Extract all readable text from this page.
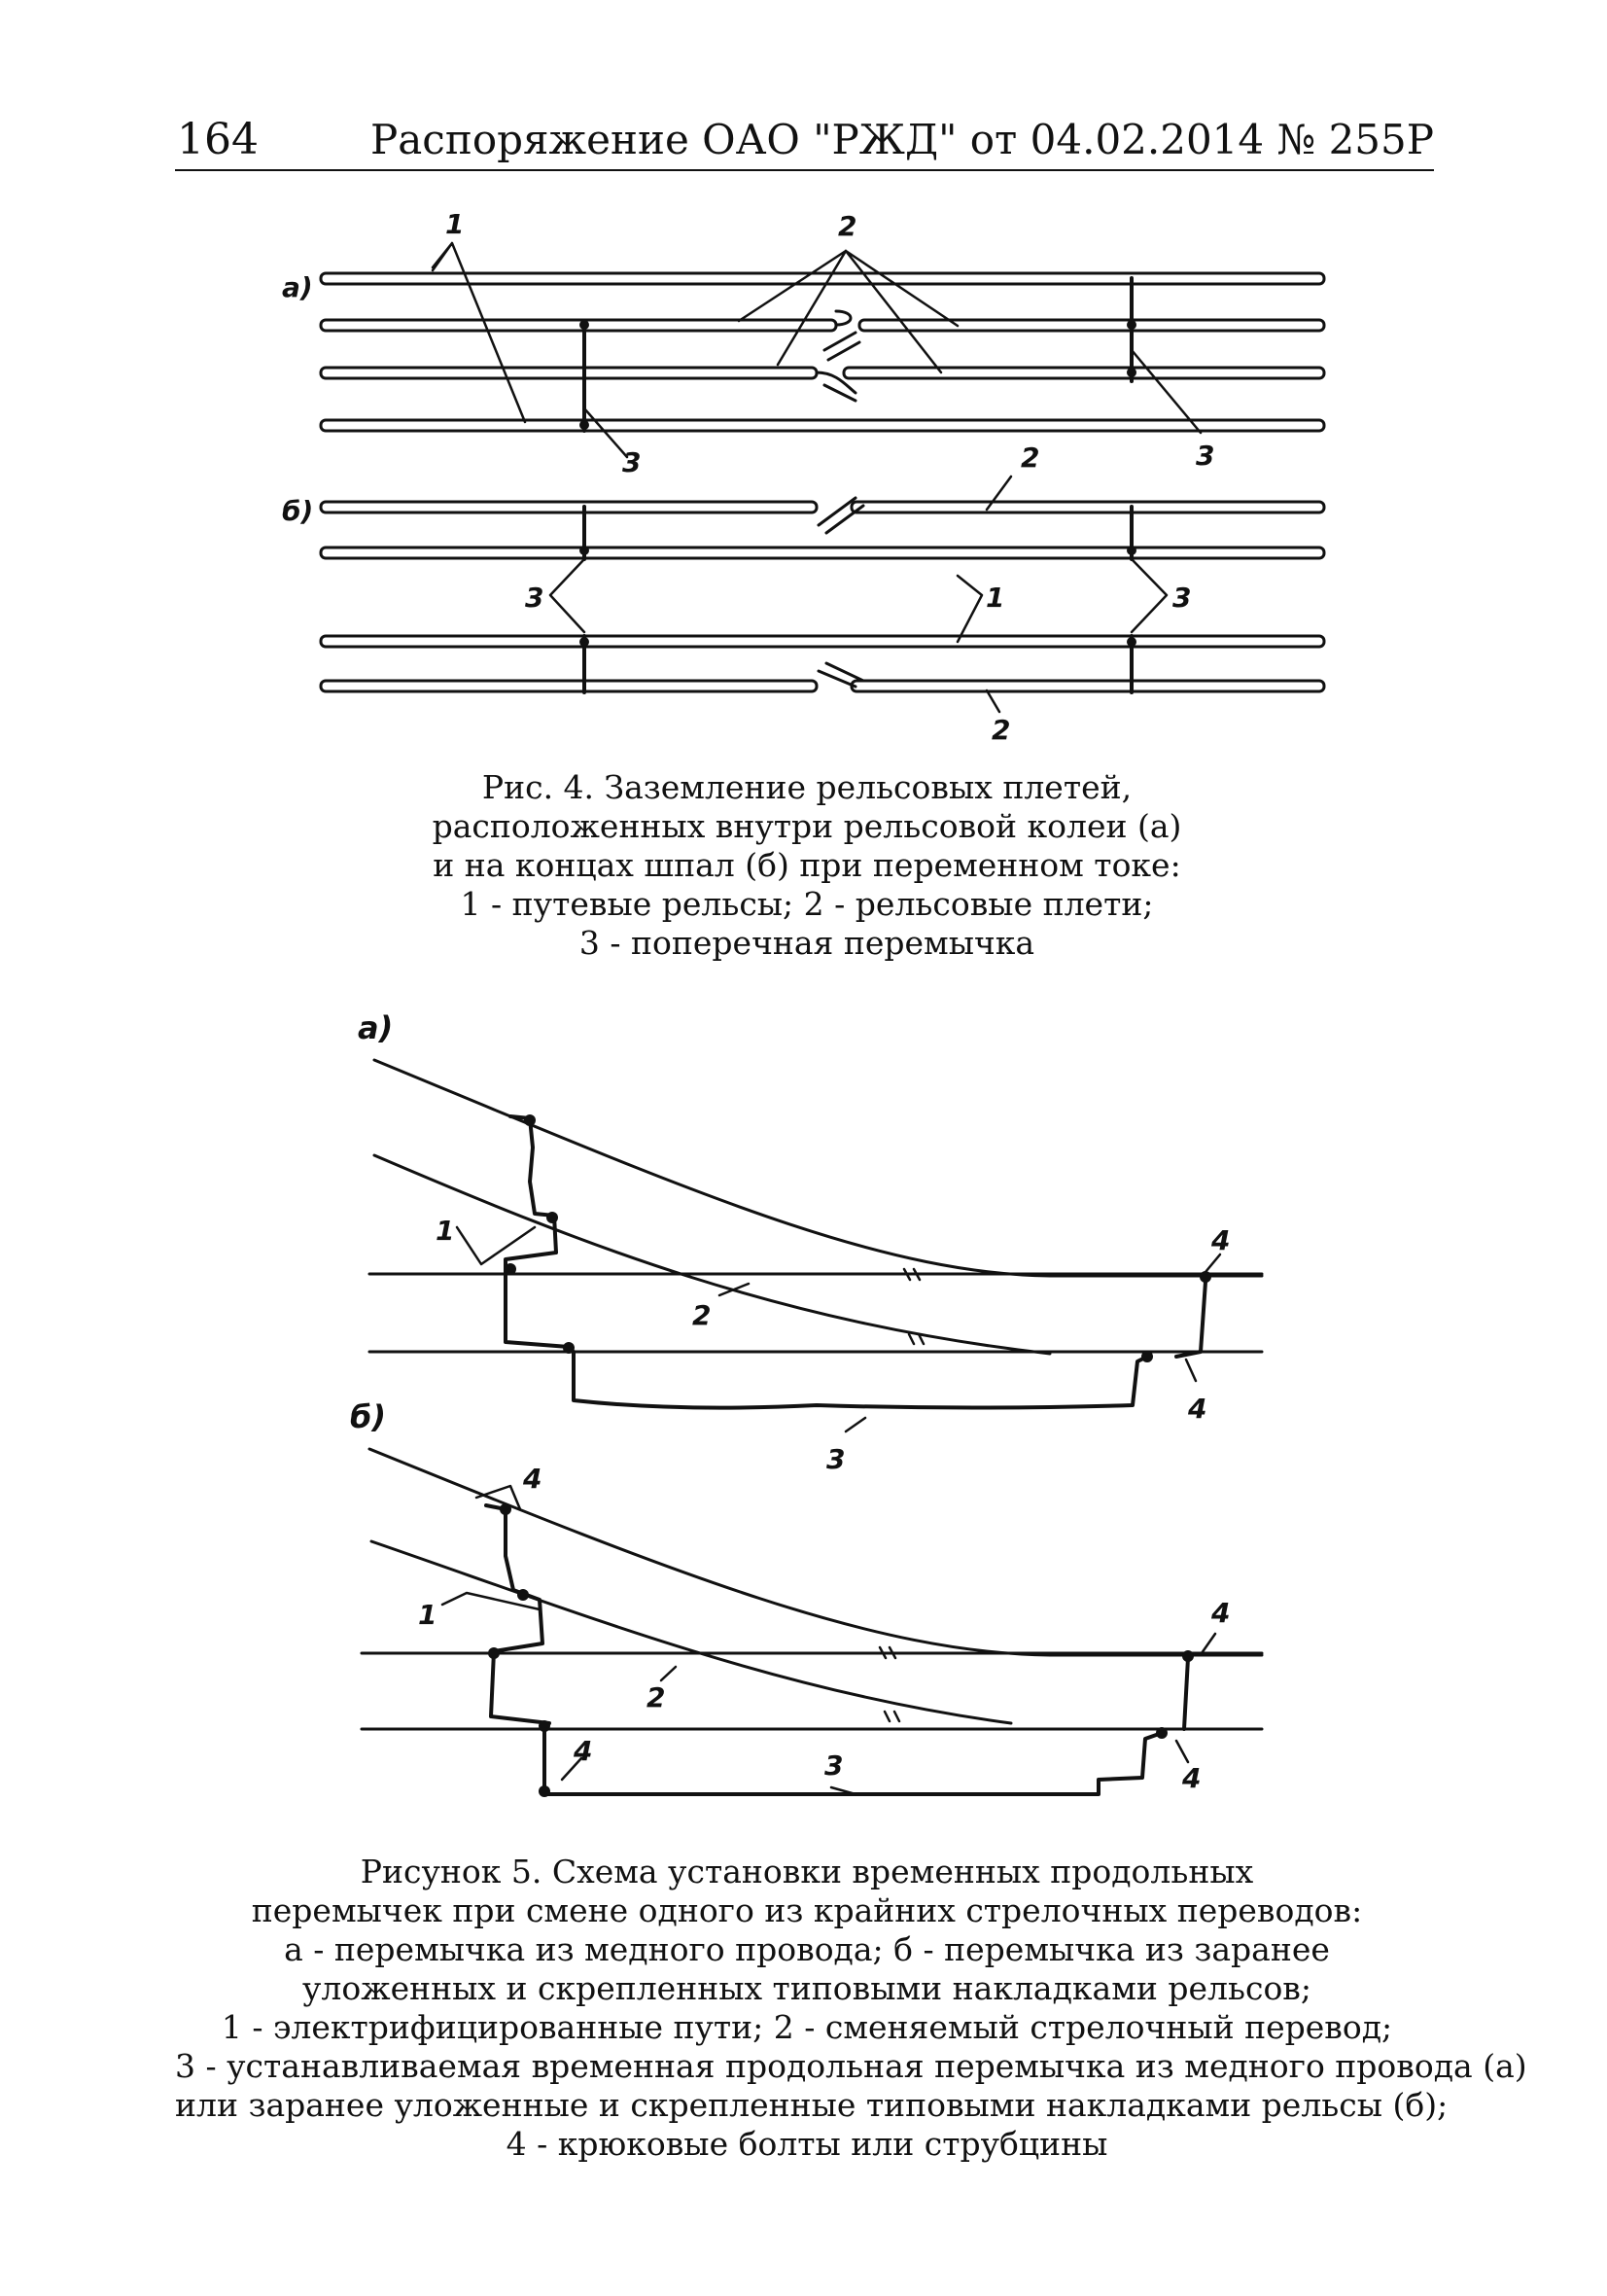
164	Распоряжение ОАО "РЖД" от 04.02.2014 № 255Р
а)
1	2
3	3
б)
2
3	1	3
2
а)
1
2
3
4
4
б)
4
1
2
3
4
4
4
Рис. 4. Заземление рельсовых плетей,
расположенных внутри рельсовой колеи (а)
и на концах шпал (б) при переменном токе:
1 - путевые рельсы; 2 - рельсовые плети;
3 - поперечная перемычка
Рисунок 5. Схема установки временных продольных
перемычек при смене одного из крайних стрелочных переводов:
а - перемычка из медного провода; б - перемычка из заранее
уложенных и скрепленных типовыми накладками рельсов;
1 - электрифицированные пути; 2 - сменяемый стрелочный перевод;
3 - устанавливаемая временная продольная перемычка из медного провода (а)
или заранее уложенные и скрепленные типовыми накладками рельсы (б);
4 - крюковые болты или струбцины
